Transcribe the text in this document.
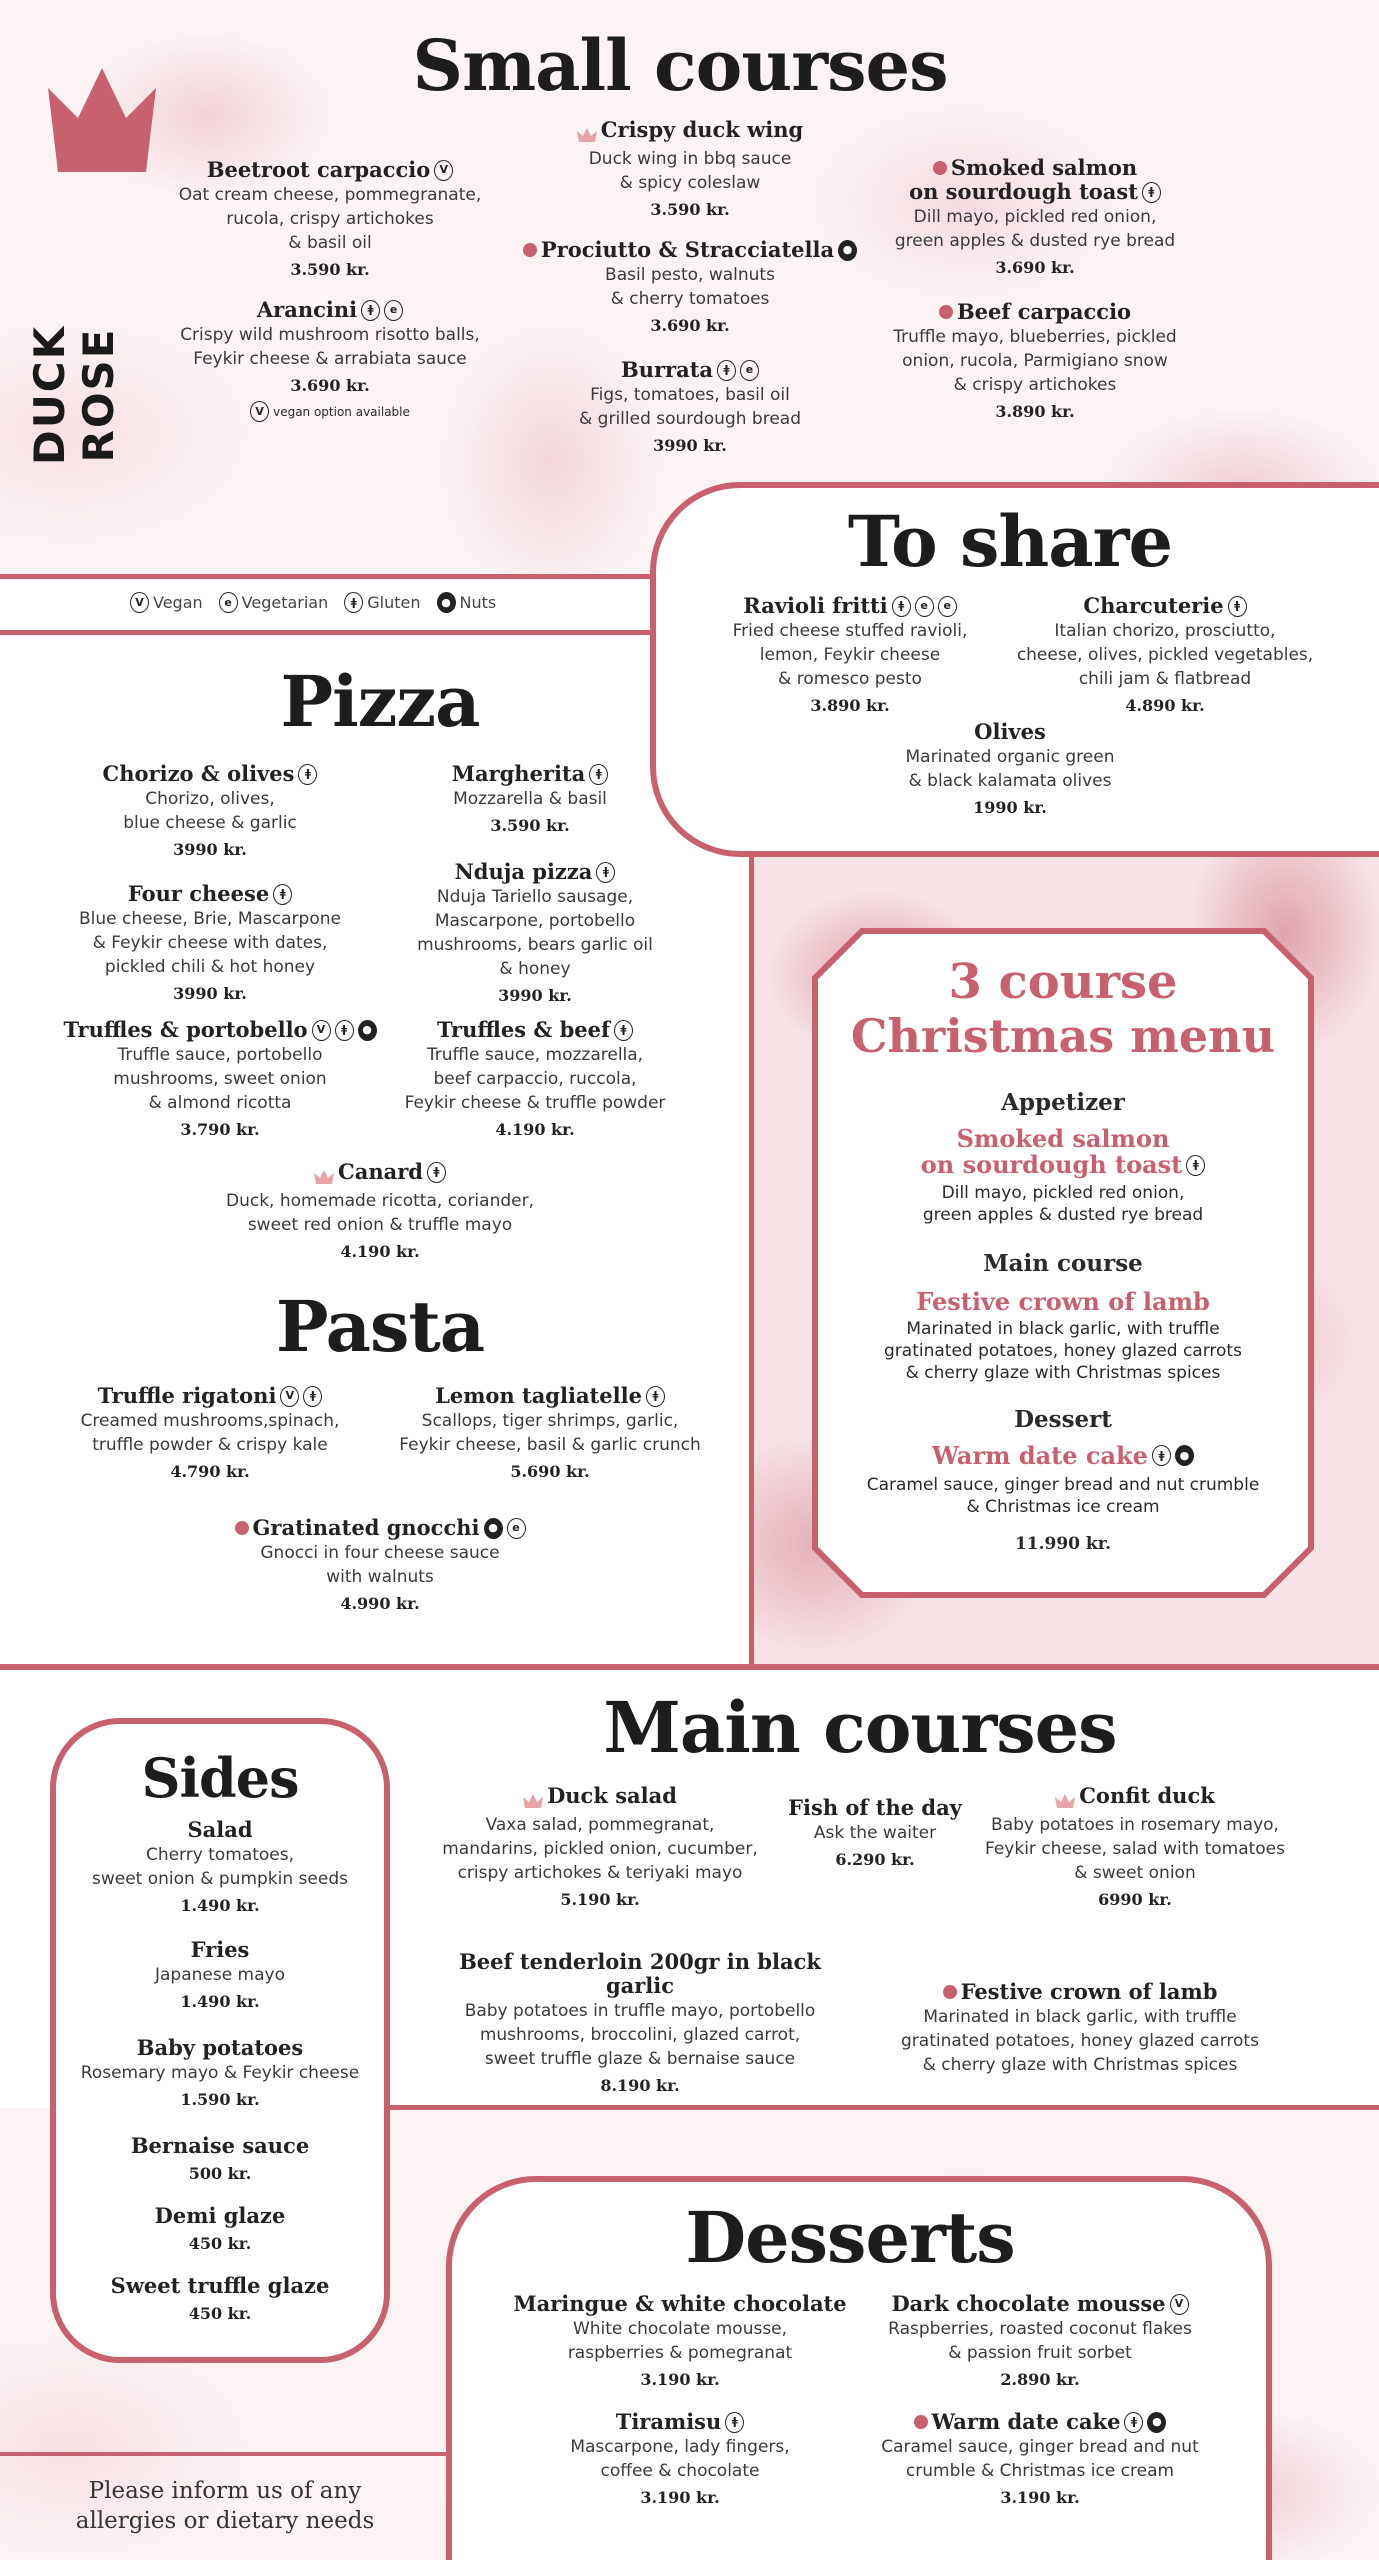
DUCK ROSE
Small courses
Beetroot carpaccio V
Oat cream cheese, pommegranate,
rucola, crispy artichokes
& basil oil
3.590 kr.
Arancini ǂ	e
Crispy wild mushroom risotto balls,
Feykir cheese & arrabiata sauce
3.690 kr.
V vegan option available
Crispy duck wing
Duck wing in bbq sauce
& spicy coleslaw
3.590 kr.
Prociutto & Stracciatella ●
Basil pesto, walnuts
& cherry tomatoes
3.690 kr.
Burrata ǂ	e
Figs, tomatoes, basil oil
& grilled sourdough bread
3990 kr.
Smoked salmon

on sourdough toast ǂ
Dill mayo, pickled red onion,
green apples & dusted rye bread
3.690 kr.
Beef carpaccio
Truffle mayo, blueberries, pickled
onion, rucola, Parmigiano snow
& crispy artichokes
3.890 kr.
V Vegan	e Vegetarian	ǂ Gluten	● Nuts
To share
Ravioli fritti ǂ	e	e
Fried cheese stuffed ravioli,
lemon, Feykir cheese
& romesco pesto
3.890 kr.
Charcuterie ǂ
Italian chorizo, prosciutto,
cheese, olives, pickled vegetables,
chili jam & flatbread
4.890 kr.
Olives
Marinated organic green
& black kalamata olives
1990 kr.
Pizza
Chorizo & olives ǂ
Chorizo, olives,
blue cheese & garlic
3990 kr.
Margherita ǂ
Mozzarella & basil
3.590 kr.
Four cheese ǂ
Blue cheese, Brie, Mascarpone
& Feykir cheese with dates,
pickled chili & hot honey
3990 kr.
Nduja pizza ǂ
Nduja Tariello sausage,
Mascarpone, portobello
mushrooms, bears garlic oil
& honey
3990 kr.
Truffles & portobello V	ǂ	●
Truffle sauce, portobello
mushrooms, sweet onion
& almond ricotta
3.790 kr.
Truffles & beef ǂ
Truffle sauce, mozzarella,
beef carpaccio, ruccola,
Feykir cheese & truffle powder
4.190 kr.
Canard ǂ
Duck, homemade ricotta, coriander,
sweet red onion & truffle mayo
4.190 kr.
Pasta
Truffle rigatoni V	ǂ
Creamed mushrooms,spinach,
truffle powder & crispy kale
4.790 kr.
Lemon tagliatelle ǂ
Scallops, tiger shrimps, garlic,
Feykir cheese, basil & garlic crunch
5.690 kr.
Gratinated gnocchi ●	e
Gnocci in four cheese sauce
with walnuts
4.990 kr.
3 course
Christmas menu
Appetizer
Smoked salmon
on sourdough toast ǂ
Dill mayo, pickled red onion,
green apples & dusted rye bread
Main course
Festive crown of lamb
Marinated in black garlic, with truffle
gratinated potatoes, honey glazed carrots
& cherry glaze with Christmas spices
Dessert
Warm date cake ǂ	●
Caramel sauce, ginger bread and nut crumble
& Christmas ice cream
11.990 kr.
Main courses
Duck salad
Vaxa salad, pommegranat,
mandarins, pickled onion, cucumber,
crispy artichokes & teriyaki mayo
5.190 kr.
Fish of the day
Ask the waiter
6.290 kr.
Confit duck
Baby potatoes in rosemary mayo,
Feykir cheese, salad with tomatoes
& sweet onion
6990 kr.
Beef tenderloin 200gr in black garlic
Baby potatoes in truffle mayo, portobello
mushrooms, broccolini, glazed carrot,
sweet truffle glaze & bernaise sauce
8.190 kr.
Festive crown of lamb
Marinated in black garlic, with truffle
gratinated potatoes, honey glazed carrots
& cherry glaze with Christmas spices
Sides
Salad
Cherry tomatoes,
sweet onion & pumpkin seeds
1.490 kr.
Fries
Japanese mayo
1.490 kr.
Baby potatoes
Rosemary mayo & Feykir cheese
1.590 kr.
Bernaise sauce
500 kr.
Demi glaze
450 kr.
Sweet truffle glaze
450 kr.
Desserts
Maringue & white chocolate
White chocolate mousse,
raspberries & pomegranat
3.190 kr.
Dark chocolate mousse V
Raspberries, roasted coconut flakes
& passion fruit sorbet
2.890 kr.
Tiramisu ǂ
Mascarpone, lady fingers,
coffee & chocolate
3.190 kr.
Warm date cake ǂ	●
Caramel sauce, ginger bread and nut
crumble & Christmas ice cream
3.190 kr.
Please inform us of any
allergies or dietary needs
